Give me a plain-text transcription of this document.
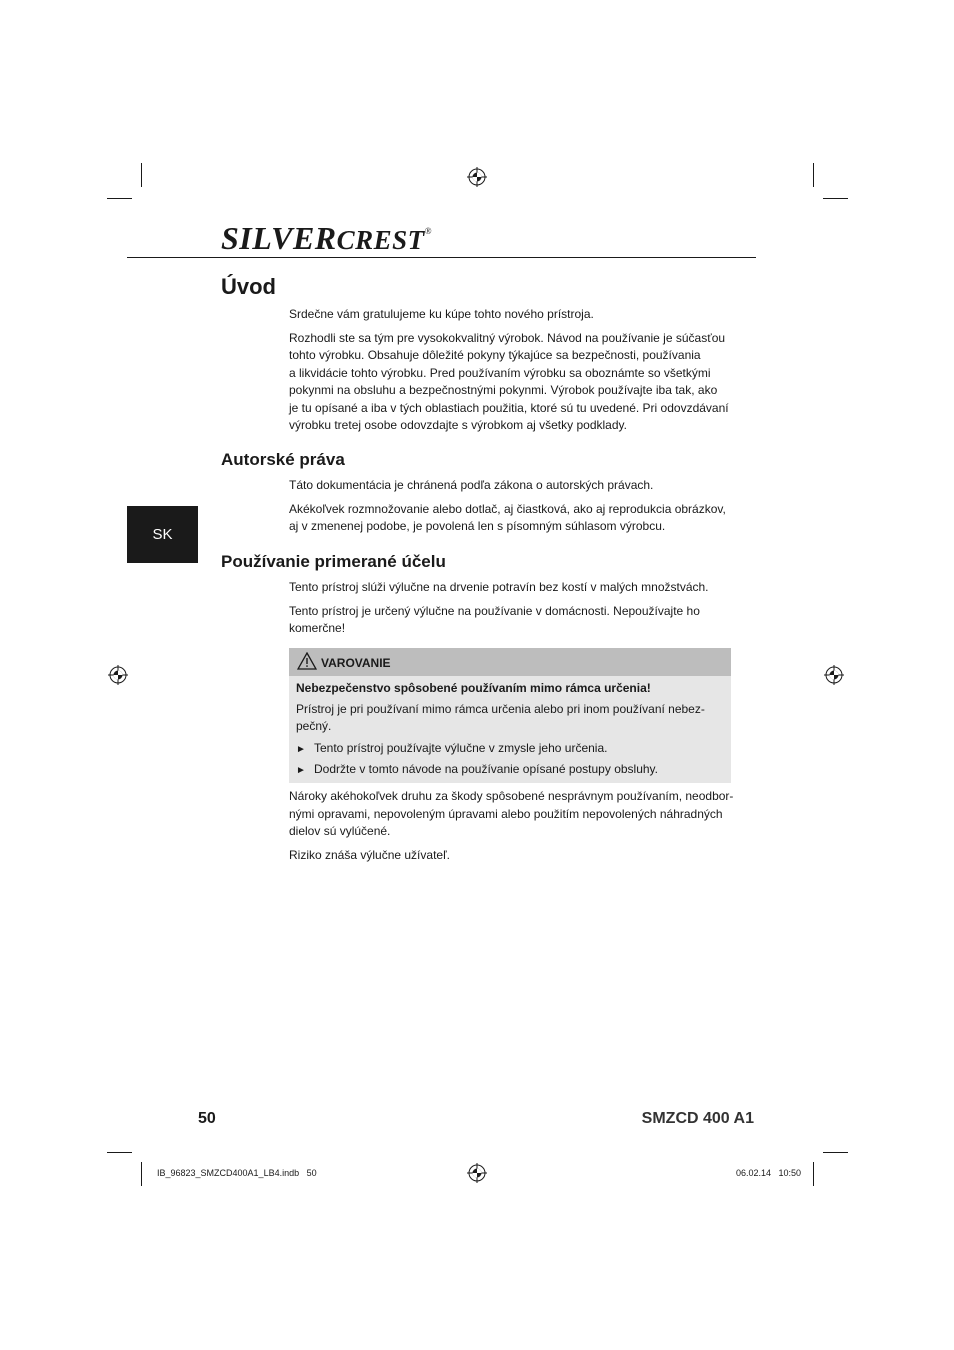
SILVERCREST®
Úvod

Srdečne vám gratulujeme ku kúpe tohto nového prístroja.

Rozhodli ste sa tým pre vysokokvalitný výrobok. Návod na používanie je súčasťou
tohto výrobku. Obsahuje dôležité pokyny týkajúce sa bezpečnosti, používania
a likvidácie tohto výrobku. Pred používaním výrobku sa oboznámte so všetkými
pokynmi na obsluhu a bezpečnostnými pokynmi. Výrobok používajte iba tak, ako
je tu opísané a iba v tých oblastiach použitia, ktoré sú tu uvedené. Pri odovzdávaní
výrobku tretej osobe odovzdajte s výrobkom aj všetky podklady.

Autorské práva

Táto dokumentácia je chránená podľa zákona o autorských právach.

Akékoľvek rozmnožovanie alebo dotlač, aj čiastková, ako aj reprodukcia obrázkov,
aj v zmenenej podobe, je povolená len s písomným súhlasom výrobcu.

SK
Používanie primerané účelu

Tento prístroj slúži výlučne na drvenie potravín bez kostí v malých množstvách.

Tento prístroj je určený výlučne na používanie v domácnosti. Nepoužívajte ho
komerčne!

VAROVANIE

Nebezpečenstvo spôsobené používaním mimo rámca určenia!

Prístroj je pri používaní mimo rámca určenia alebo pri inom používaní nebez-
pečný.

► Tento prístroj používajte výlučne v zmysle jeho určenia.

► Dodržte v tomto návode na používanie opísané postupy obsluhy.

Nároky akéhokoľvek druhu za škody spôsobené nesprávnym používaním, neodbor-
nými opravami, nepovoleným úpravami alebo použitím nepovolených náhradných
dielov sú vylúčené.

Riziko znáša výlučne užívateľ.

50	SMZCD 400 A1
IB_96823_SMZCD400A1_LB4.indb   50	06.02.14   10:50
